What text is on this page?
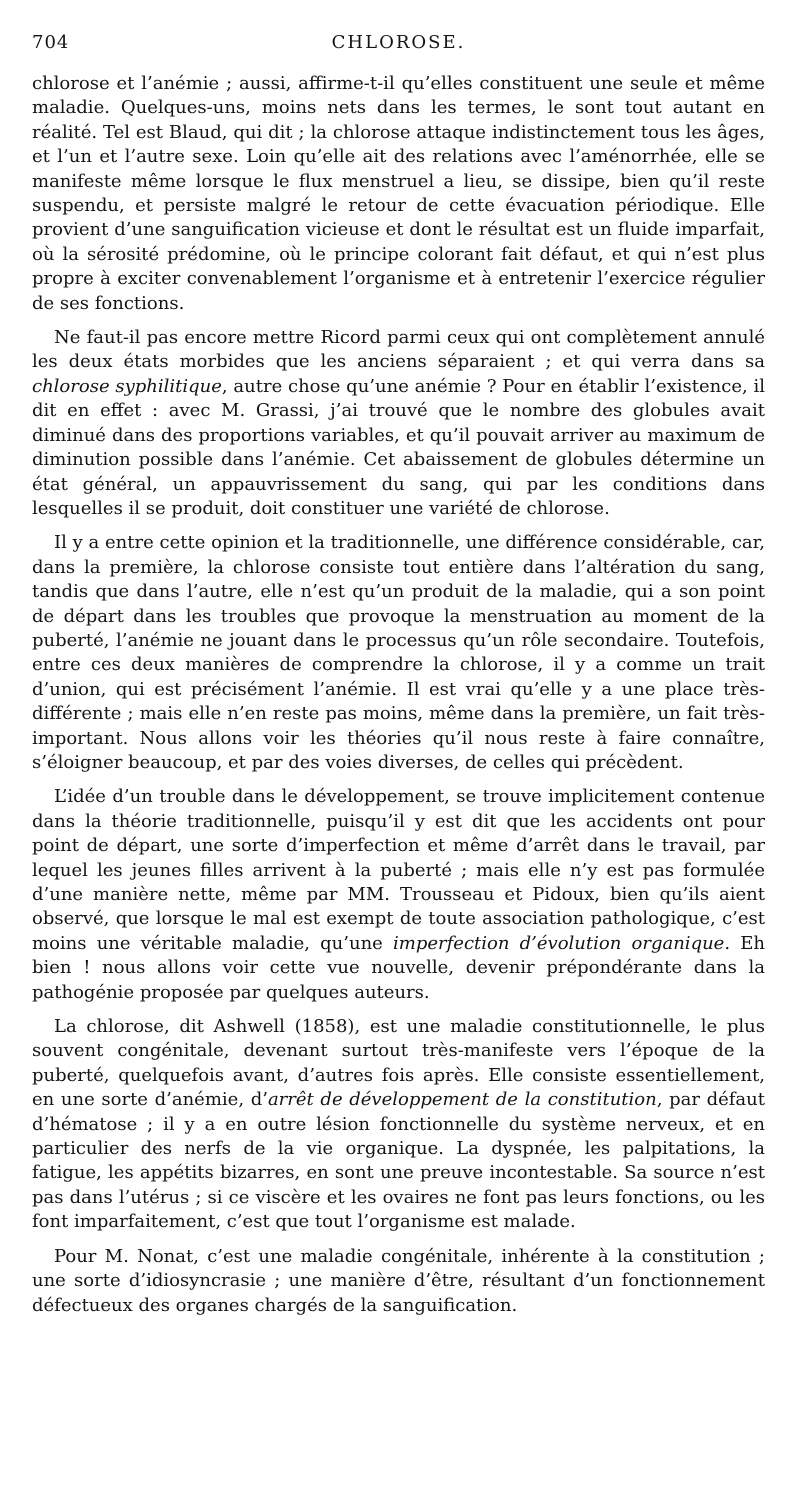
704	CHLOROSE.

chlorose et l’anémie ; aussi, affirme-t-il qu’elles constituent une seule et même maladie. Quelques-uns, moins nets dans les termes, le sont tout autant en réalité. Tel est Blaud, qui dit ; la chlorose attaque indistinctement tous les âges, et l’un et l’autre sexe. Loin qu’elle ait des relations avec l’aménorrhée, elle se manifeste même lorsque le flux menstruel a lieu, se dissipe, bien qu’il reste suspendu, et persiste malgré le retour de cette évacuation périodique. Elle provient d’une sanguification vicieuse et dont le résultat est un fluide imparfait, où la sérosité prédomine, où le principe colorant fait défaut, et qui n’est plus propre à exciter convenablement l’organisme et à entretenir l’exercice régulier de ses fonctions.

Ne faut-il pas encore mettre Ricord parmi ceux qui ont complètement annulé les deux états morbides que les anciens séparaient ; et qui verra dans sa chlorose syphilitique, autre chose qu’une anémie ? Pour en établir l’existence, il dit en effet : avec M. Grassi, j’ai trouvé que le nombre des globules avait diminué dans des proportions variables, et qu’il pouvait arriver au maximum de diminution possible dans l’anémie. Cet abaissement de globules détermine un état général, un appauvrissement du sang, qui par les conditions dans lesquelles il se produit, doit constituer une variété de chlorose.

Il y a entre cette opinion et la traditionnelle, une différence considérable, car, dans la première, la chlorose consiste tout entière dans l’altération du sang, tandis que dans l’autre, elle n’est qu’un produit de la maladie, qui a son point de départ dans les troubles que provoque la menstruation au moment de la puberté, l’anémie ne jouant dans le processus qu’un rôle secondaire. Toutefois, entre ces deux manières de comprendre la chlorose, il y a comme un trait d’union, qui est précisément l’anémie. Il est vrai qu’elle y a une place très-différente ; mais elle n’en reste pas moins, même dans la première, un fait très-important. Nous allons voir les théories qu’il nous reste à faire connaître, s’éloigner beaucoup, et par des voies diverses, de celles qui précèdent.

L’idée d’un trouble dans le développement, se trouve implicitement contenue dans la théorie traditionnelle, puisqu’il y est dit que les accidents ont pour point de départ, une sorte d’imperfection et même d’arrêt dans le travail, par lequel les jeunes filles arrivent à la puberté ; mais elle n’y est pas formulée d’une manière nette, même par MM. Trousseau et Pidoux, bien qu’ils aient observé, que lorsque le mal est exempt de toute association pathologique, c’est moins une véritable maladie, qu’une imperfection d’évolution organique. Eh bien ! nous allons voir cette vue nouvelle, devenir prépondérante dans la pathogénie proposée par quelques auteurs.

La chlorose, dit Ashwell (1858), est une maladie constitutionnelle, le plus souvent congénitale, devenant surtout très-manifeste vers l’époque de la puberté, quelquefois avant, d’autres fois après. Elle consiste essentiellement, en une sorte d’anémie, d’arrêt de développement de la constitution, par défaut d’hématose ; il y a en outre lésion fonctionnelle du système nerveux, et en particulier des nerfs de la vie organique. La dyspnée, les palpitations, la fatigue, les appétits bizarres, en sont une preuve incontestable. Sa source n’est pas dans l’utérus ; si ce viscère et les ovaires ne font pas leurs fonctions, ou les font imparfaitement, c’est que tout l’organisme est malade.

Pour M. Nonat, c’est une maladie congénitale, inhérente à la constitution ; une sorte d’idiosyncrasie ; une manière d’être, résultant d’un fonctionnement défectueux des organes chargés de la sanguification.
